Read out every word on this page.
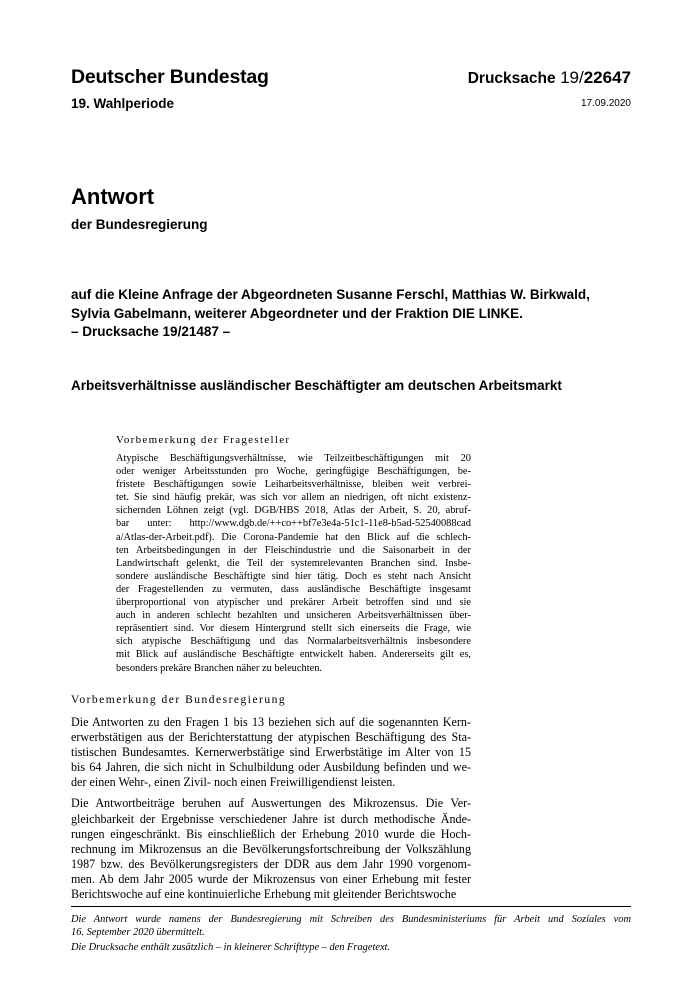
Deutscher Bundestag
19. Wahlperiode
Drucksache 19/22647
17.09.2020
Antwort
der Bundesregierung
auf die Kleine Anfrage der Abgeordneten Susanne Ferschl, Matthias W. Birkwald,
Sylvia Gabelmann, weiterer Abgeordneter und der Fraktion DIE LINKE.
– Drucksache 19/21487 –
Arbeitsverhältnisse ausländischer Beschäftigter am deutschen Arbeitsmarkt
Vorbemerkung der Fragesteller
Atypische Beschäftigungsverhältnisse, wie Teilzeitbeschäftigungen mit 20
oder weniger Arbeitsstunden pro Woche, geringfügige Beschäftigungen, be-
fristete Beschäftigungen sowie Leiharbeitsverhältnisse, bleiben weit verbrei-
tet. Sie sind häufig prekär, was sich vor allem an niedrigen, oft nicht existenz-
sichernden Löhnen zeigt (vgl. DGB/HBS 2018, Atlas der Arbeit, S. 20, abruf-
bar unter: http://www.dgb.de/++co++bf7e3e4a-51c1-11e8-b5ad-52540088cad
a/Atlas-der-Arbeit.pdf). Die Corona-Pandemie hat den Blick auf die schlech-
ten Arbeitsbedingungen in der Fleischindustrie und die Saisonarbeit in der
Landwirtschaft gelenkt, die Teil der systemrelevanten Branchen sind. Insbe-
sondere ausländische Beschäftigte sind hier tätig. Doch es steht nach Ansicht
der Fragestellenden zu vermuten, dass ausländische Beschäftigte insgesamt
überproportional von atypischer und prekärer Arbeit betroffen sind und sie
auch in anderen schlecht bezahlten und unsicheren Arbeitsverhältnissen über-
repräsentiert sind. Vor diesem Hintergrund stellt sich einerseits die Frage, wie
sich atypische Beschäftigung und das Normalarbeitsverhältnis insbesondere
mit Blick auf ausländische Beschäftigte entwickelt haben. Andererseits gilt es,
besonders prekäre Branchen näher zu beleuchten.
Vorbemerkung der Bundesregierung
Die Antworten zu den Fragen 1 bis 13 beziehen sich auf die sogenannten Kern-
erwerbstätigen aus der Berichterstattung der atypischen Beschäftigung des Sta-
tistischen Bundesamtes. Kernerwerbstätige sind Erwerbstätige im Alter von 15
bis 64 Jahren, die sich nicht in Schulbildung oder Ausbildung befinden und we-
der einen Wehr-, einen Zivil- noch einen Freiwilligendienst leisten.
Die Antwortbeiträge beruhen auf Auswertungen des Mikrozensus. Die Ver-
gleichbarkeit der Ergebnisse verschiedener Jahre ist durch methodische Ände-
rungen eingeschränkt. Bis einschließlich der Erhebung 2010 wurde die Hoch-
rechnung im Mikrozensus an die Bevölkerungsfortschreibung der Volkszählung
1987 bzw. des Bevölkerungsregisters der DDR aus dem Jahr 1990 vorgenom-
men. Ab dem Jahr 2005 wurde der Mikrozensus von einer Erhebung mit fester
Berichtswoche auf eine kontinuierliche Erhebung mit gleitender Berichtswoche
Die Antwort wurde namens der Bundesregierung mit Schreiben des Bundesministeriums für Arbeit und Soziales vom
16. September 2020 übermittelt.
Die Drucksache enthält zusätzlich – in kleinerer Schrifttype – den Fragetext.
